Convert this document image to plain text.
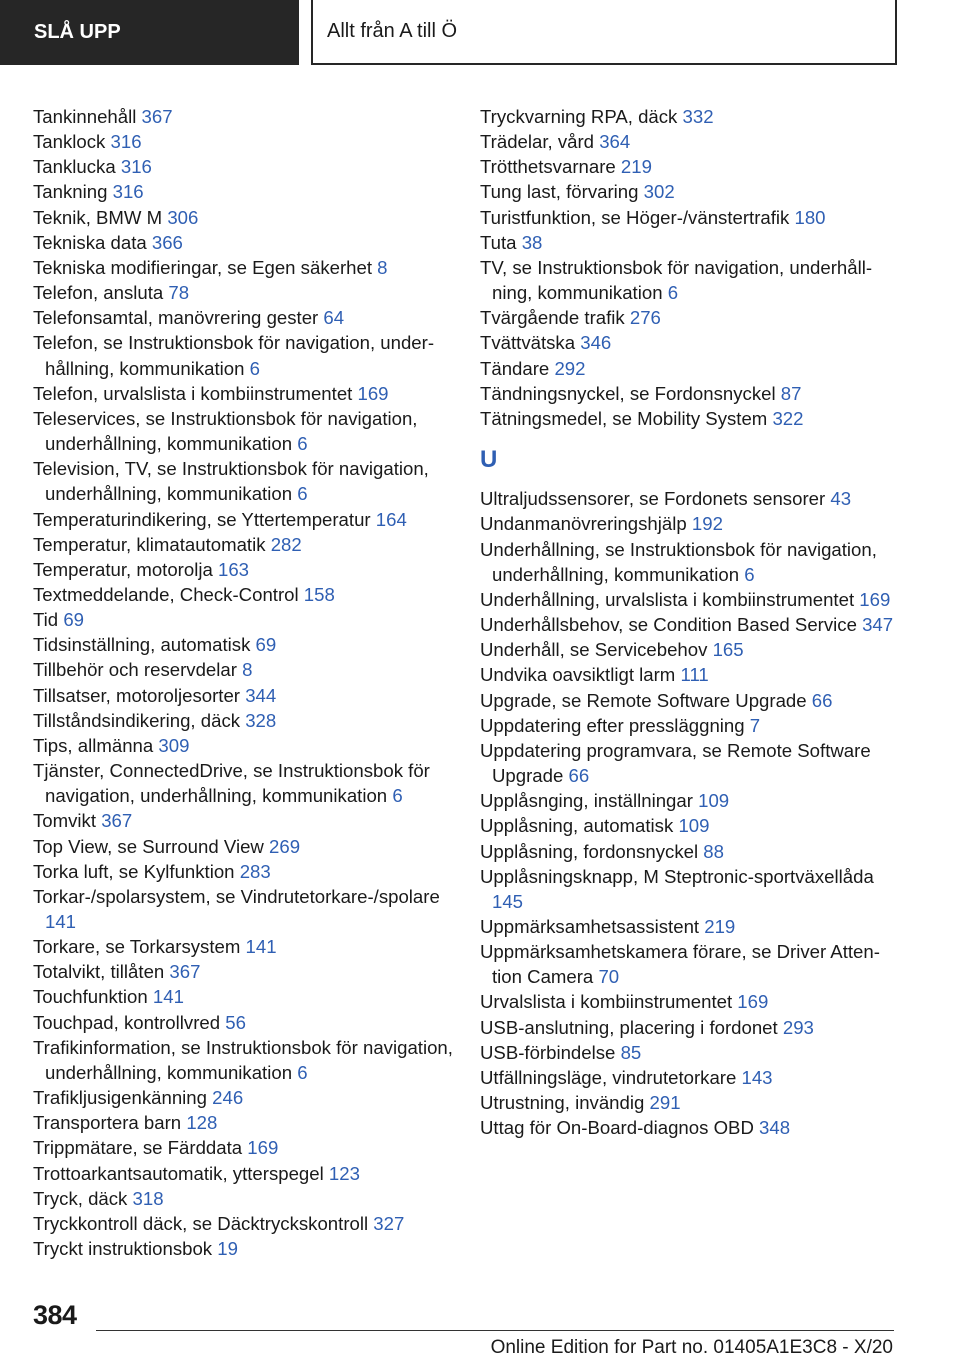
SLÅ UPP	Allt från A till Ö
Tankinnehåll 367
Tanklock 316
Tanklucka 316
Tankning 316
Teknik, BMW M 306
Tekniska data 366
Tekniska modifieringar, se Egen säkerhet 8
Telefon, ansluta 78
Telefonsamtal, manövrering gester 64
Telefon, se Instruktionsbok för navigation, underhållning, kommunikation 6
Telefon, urvalslista i kombiinstrumentet 169
Teleservices, se Instruktionsbok för navigation, underhållning, kommunikation 6
Television, TV, se Instruktionsbok för navigation, underhållning, kommunikation 6
Temperaturindikering, se Yttertemperatur 164
Temperatur, klimatautomatik 282
Temperatur, motorolja 163
Textmeddelande, Check-Control 158
Tid 69
Tidsinställning, automatisk 69
Tillbehör och reservdelar 8
Tillsatser, motoroljesorter 344
Tillståndsindikering, däck 328
Tips, allmänna 309
Tjänster, ConnectedDrive, se Instruktionsbok för navigation, underhållning, kommunikation 6
Tomvikt 367
Top View, se Surround View 269
Torka luft, se Kylfunktion 283
Torkar-/spolarsystem, se Vindrutetorkare-/​spolare 141
Torkare, se Torkarsystem 141
Totalvikt, tillåten 367
Touchfunktion 141
Touchpad, kontrollvred 56
Trafikinformation, se Instruktionsbok för navigation, underhållning, kommunikation 6
Trafikljusigenkänning 246
Transportera barn 128
Trippmätare, se Färddata 169
Trottoarkantsautomatik, ytterspegel 123
Tryck, däck 318
Tryckkontroll däck, se Däcktryckskontroll 327
Tryckt instruktionsbok 19
Tryckvarning RPA, däck 332
Trädelar, vård 364
Trötthetsvarnare 219
Tung last, förvaring 302
Turistfunktion, se Höger-/vänstertrafik 180
Tuta 38
TV, se Instruktionsbok för navigation, underhållning, kommunikation 6
Tvärgående trafik 276
Tvättvätska 346
Tändare 292
Tändningsnyckel, se Fordonsnyckel 87
Tätningsmedel, se Mobility System 322
U
Ultraljudssensorer, se Fordonets sensorer 43
Undanmanövreringshjälp 192
Underhållning, se Instruktionsbok för navigation, underhållning, kommunikation 6
Underhållning, urvalslista i kombiinstrumentet 169
Underhållsbehov, se Condition Based Service 347
Underhåll, se Servicebehov 165
Undvika oavsiktligt larm 111
Upgrade, se Remote Software Upgrade 66
Uppdatering efter pressläggning 7
Uppdatering programvara, se Remote Software Upgrade 66
Upplåsnging, inställningar 109
Upplåsning, automatisk 109
Upplåsning, fordonsnyckel 88
Upplåsningsknapp, M Steptronic-sportväxellåda 145
Uppmärksamhetsassistent 219
Uppmärksamhetskamera förare, se Driver Attention Camera 70
Urvalslista i kombiinstrumentet 169
USB-anslutning, placering i fordonet 293
USB-förbindelse 85
Utfällningsläge, vindrutetorkare 143
Utrustning, invändig 291
Uttag för On-Board-diagnos OBD 348
384
Online Edition for Part no. 01405A1E3C8 - X/20
